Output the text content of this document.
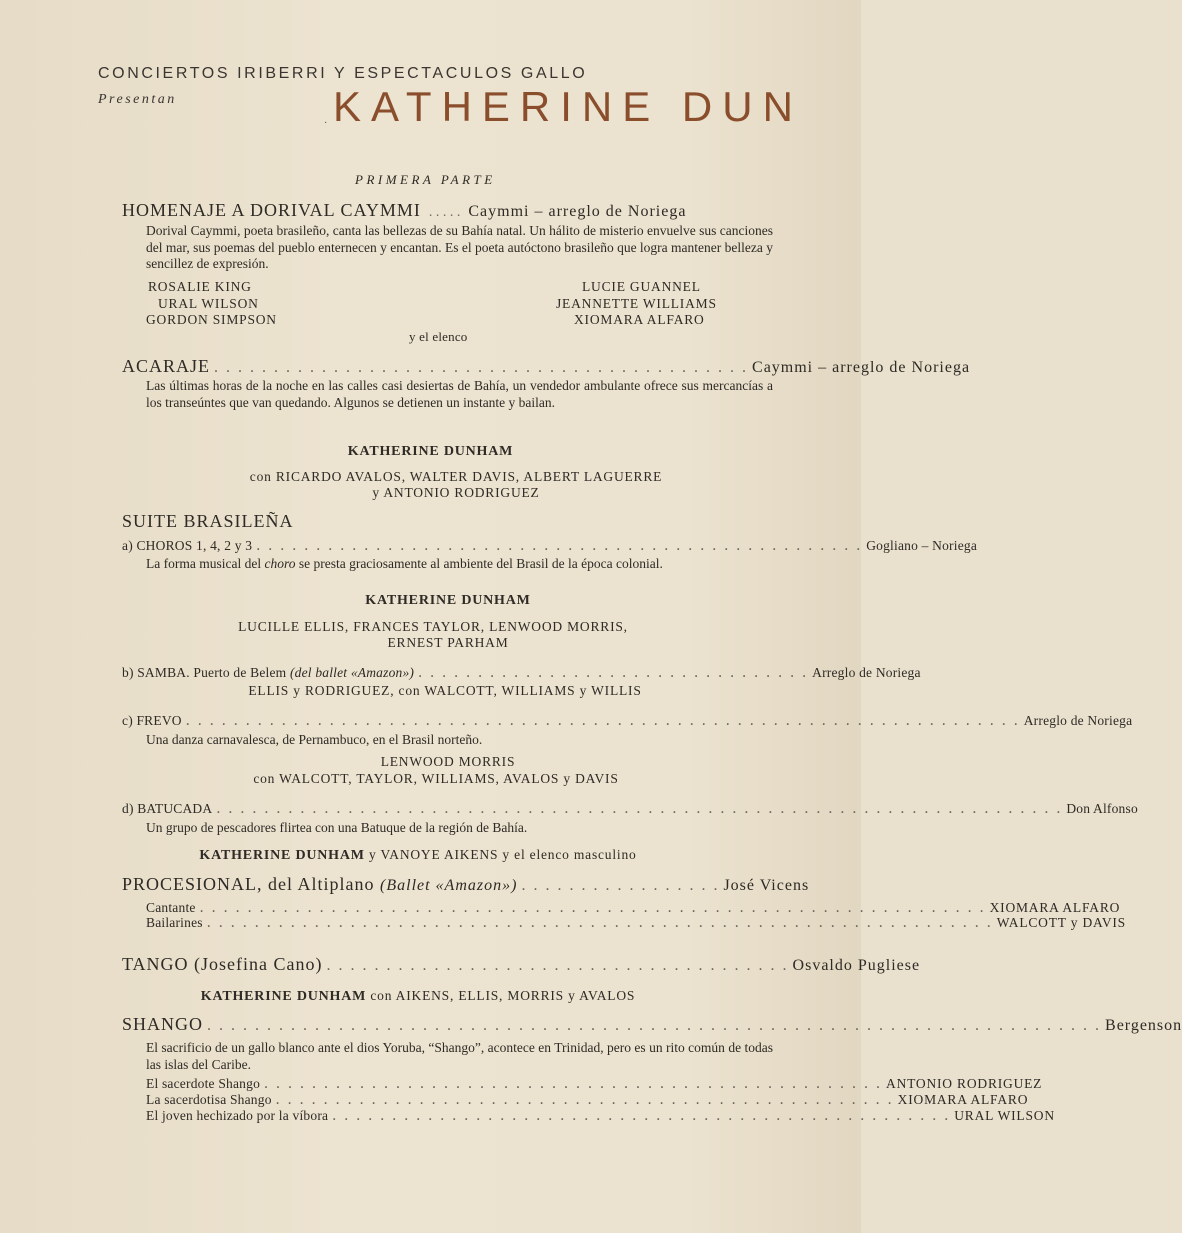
CONCIERTOS IRIBERRI Y ESPECTACULOS GALLO
Presentan
· KATHERINE DUN
PRIMERA PARTE
HOMENAJE A DORIVAL CAYMMI . . . . . Caymmi – arreglo de Noriega
Dorival Caymmi, poeta brasileño, canta las bellezas de su Bahía natal. Un hálito de misterio envuelve sus canciones del mar, sus poemas del pueblo enternecen y encantan. Es el poeta autóctono brasileño que logra mantener belleza y sencillez de expresión.
ROSALIE KING
URAL WILSON
GORDON SIMPSON
LUCIE GUANNEL
JEANNETTE WILLIAMS
XIOMARA ALFARO
y el elenco
ACARAJE . . . . . . . . . . . . . . . . . . . . . . . . . . . . . . . . . . . . . . . . . . . . . Caymmi – arreglo de Noriega
Las últimas horas de la noche en las calles casi desiertas de Bahía, un vendedor ambulante ofrece sus mercancías a los transeúntes que van quedando. Algunos se detienen un instante y bailan.
KATHERINE DUNHAM
con RICARDO AVALOS, WALTER DAVIS, ALBERT LAGUERRE
y ANTONIO RODRIGUEZ
SUITE BRASILEÑA
a) CHOROS 1, 4, 2 y 3 . . . . . . . . . . . . . . . . . . . . . . . . . . . . . . . . . . . . . . . . . . . . . . . . . . . Gogliano – Noriega
La forma musical del choro se presta graciosamente al ambiente del Brasil de la época colonial.
KATHERINE DUNHAM
LUCILLE ELLIS, FRANCES TAYLOR, LENWOOD MORRIS,
ERNEST PARHAM
b) SAMBA. Puerto de Belem (del ballet «Amazon») . . . . . . . . . . . . . . . . . . . . . . . . . . . . . . . . . Arreglo de Noriega
ELLIS y RODRIGUEZ, con WALCOTT, WILLIAMS y WILLIS
c) FREVO . . . . . . . . . . . . . . . . . . . . . . . . . . . . . . . . . . . . . . . . . . . . . . . . . . . . . . . . . . . . . . . . . . . . . . Arreglo de Noriega
Una danza carnavalesca, de Pernambuco, en el Brasil norteño.
LENWOOD MORRIS
con WALCOTT, TAYLOR, WILLIAMS, AVALOS y DAVIS
d) BATUCADA . . . . . . . . . . . . . . . . . . . . . . . . . . . . . . . . . . . . . . . . . . . . . . . . . . . . . . . . . . . . . . . . . . . . . . . Don Alfonso
Un grupo de pescadores flirtea con una Batuque de la región de Bahía.
KATHERINE DUNHAM y VANOYE AIKENS y el elenco masculino
PROCESIONAL, del Altiplano (Ballet «Amazon») . . . . . . . . . . . . . . . . . José Vicens
Cantante . . . . . . . . . . . . . . . . . . . . . . . . . . . . . . . . . . . . . . . . . . . . . . . . . . . . . . . . . . . . . . . . . . XIOMARA ALFARO
Bailarines . . . . . . . . . . . . . . . . . . . . . . . . . . . . . . . . . . . . . . . . . . . . . . . . . . . . . . . . . . . . . . . . . . WALCOTT y DAVIS
TANGO (Josefina Cano) . . . . . . . . . . . . . . . . . . . . . . . . . . . . . . . . . . . . . . . Osvaldo Pugliese
KATHERINE DUNHAM con AIKENS, ELLIS, MORRIS y AVALOS
SHANGO . . . . . . . . . . . . . . . . . . . . . . . . . . . . . . . . . . . . . . . . . . . . . . . . . . . . . . . . . . . . . . . . . . . . . . . . . . . Bergenson
El sacrificio de un gallo blanco ante el dios Yoruba, “Shango”, acontece en Trinidad, pero es un rito común de todas las islas del Caribe.
El sacerdote Shango . . . . . . . . . . . . . . . . . . . . . . . . . . . . . . . . . . . . . . . . . . . . . . . . . . . . ANTONIO RODRIGUEZ
La sacerdotisa Shango . . . . . . . . . . . . . . . . . . . . . . . . . . . . . . . . . . . . . . . . . . . . . . . . . . . . XIOMARA ALFARO
El joven hechizado por la víbora . . . . . . . . . . . . . . . . . . . . . . . . . . . . . . . . . . . . . . . . . . . . . . . . . . . . URAL WILSON
